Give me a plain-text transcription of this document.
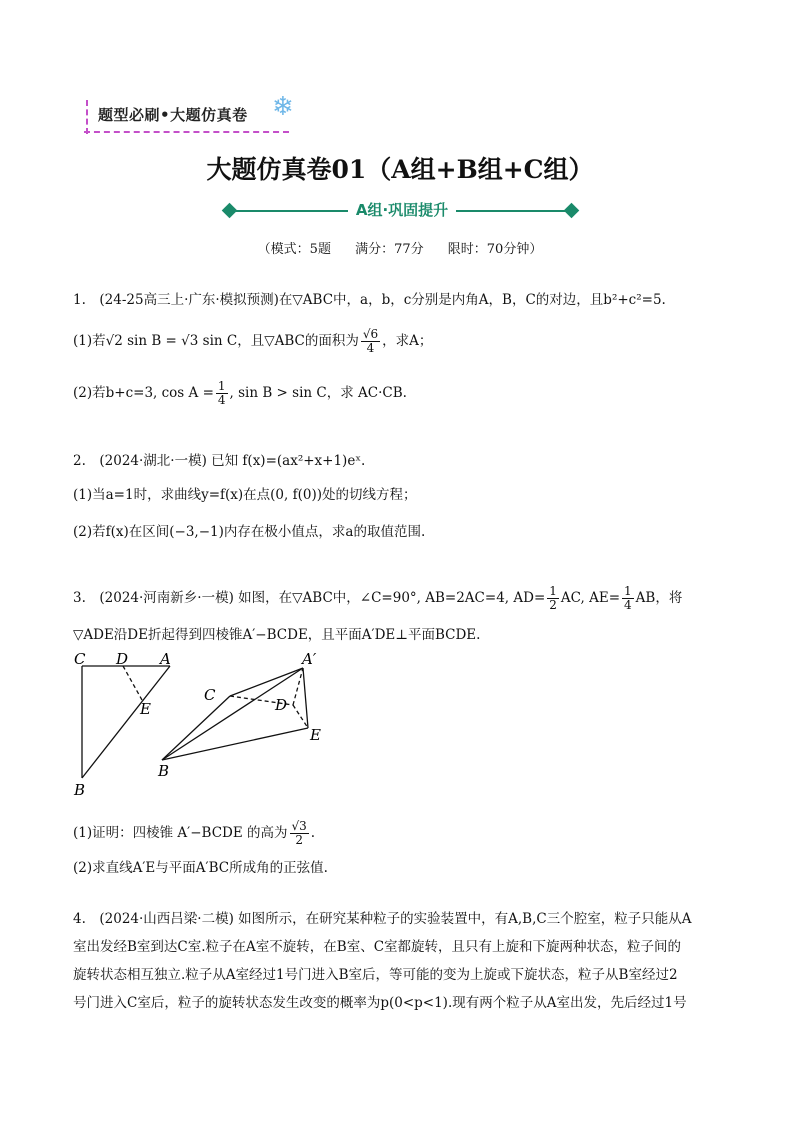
题型必刷•大题仿真卷 ❄
大题仿真卷01（A组+B组+C组）
A组·巩固提升
（模式：5题 满分：77分 限时：70分钟）
1.　(24-25高三上·广东·模拟预测)在▽ABC中，a，b，c分别是内角A，B，C的对边，且b²+c²=5.
(1)若√2 sin B = √3 sin C，且▽ABC的面积为 $\frac{√6}{4}$ ，求A；
(2)若b+c=3, $\cos A = \frac{1}{4}$ , sin B > sin C，求 AC·CB.
2.　(2024·湖北·一模) 已知 f(x)=(ax²+x+1)eˣ.
(1)当a=1时，求曲线y=f(x)在点(0, f(0))处的切线方程；
(2)若f(x)在区间(−3,−1)内存在极小值点，求a的取值范围.
3.　(2024·河南新乡·一模) 如图，在▽ABC中，∠C=90°, AB=2AC=4, $AD= \frac{1}{2}$ AC, $AE= \frac{1}{4}$ AB，将
▽ADE沿DE折起得到四棱锥A′−BCDE，且平面A′DE⊥平面BCDE.
C D A
E
B
A′
C
D
E
B
(1)证明：四棱锥 A′−BCDE 的高为 $\frac{√3}{2}$ .
(2)求直线A′E与平面A′BC所成角的正弦值.
4.　(2024·山西吕梁·二模) 如图所示，在研究某种粒子的实验装置中，有A,B,C三个腔室，粒子只能从A
室出发经B室到达C室.粒子在A室不旋转，在B室、C室都旋转，且只有上旋和下旋两种状态，粒子间的
旋转状态相互独立.粒子从A室经过1号门进入B室后，等可能的变为上旋或下旋状态，粒子从B室经过2
号门进入C室后，粒子的旋转状态发生改变的概率为p(0<p<1).现有两个粒子从A室出发，先后经过1号
